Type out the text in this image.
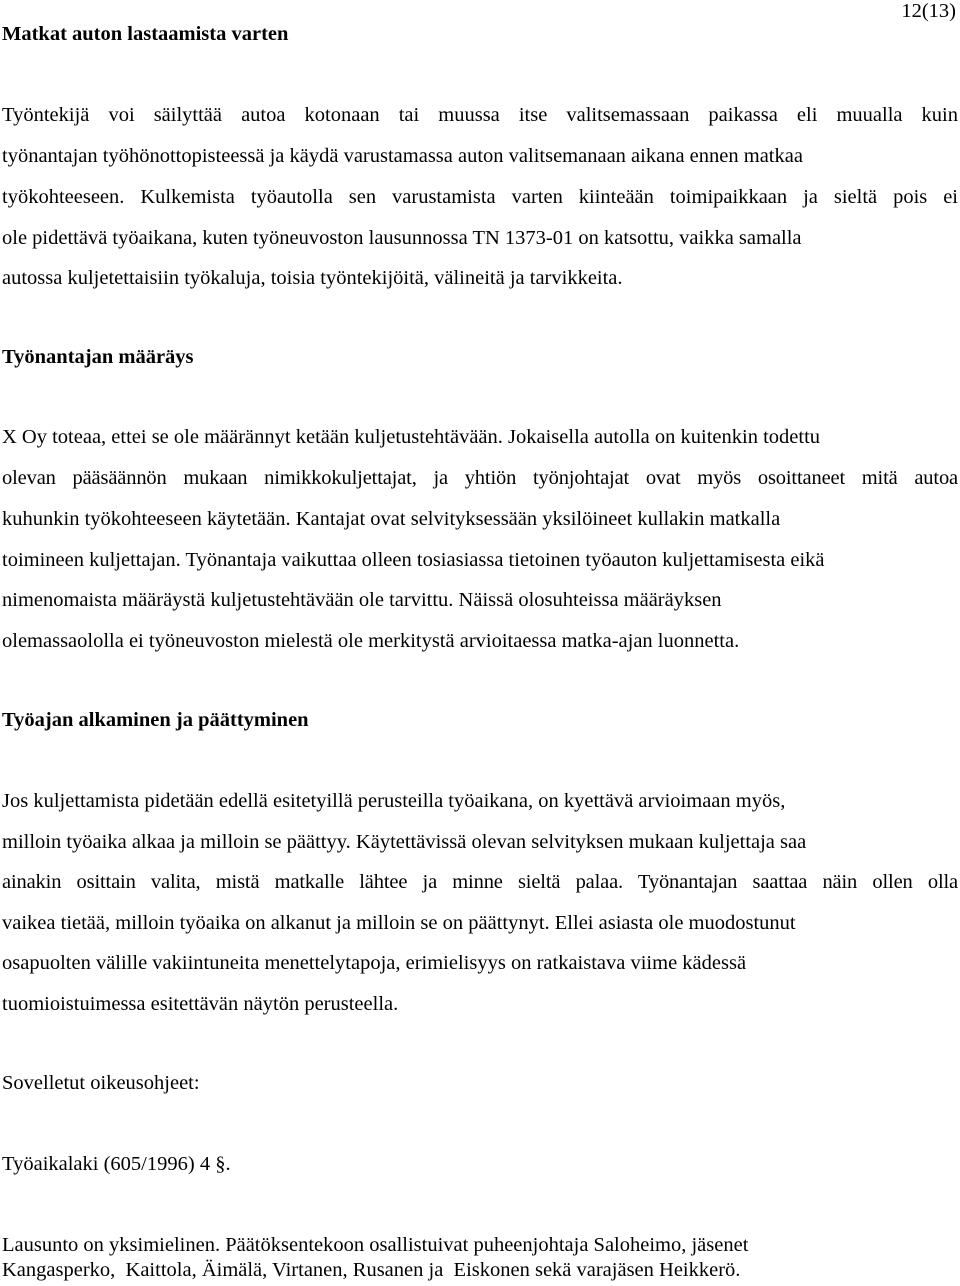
12(13)
Matkat auton lastaamista varten
Työntekijä voi säilyttää autoa kotonaan tai muussa itse valitsemassaan paikassa eli muualla kuin
työnantajan työhönottopisteessä ja käydä varustamassa auton valitsemanaan aikana ennen matkaa
työkohteeseen. Kulkemista työautolla sen varustamista varten kiinteään toimipaikkaan ja sieltä pois ei
ole pidettävä työaikana, kuten työneuvoston lausunnossa TN 1373-01 on katsottu, vaikka samalla
autossa kuljetettaisiin työkaluja, toisia työntekijöitä, välineitä ja tarvikkeita.
Työnantajan määräys
X Oy toteaa, ettei se ole määrännyt ketään kuljetustehtävään. Jokaisella autolla on kuitenkin todettu
olevan pääsäännön mukaan nimikkokuljettajat, ja yhtiön työnjohtajat ovat myös osoittaneet mitä autoa
kuhunkin työkohteeseen käytetään. Kantajat ovat selvityksessään yksilöineet kullakin matkalla
toimineen kuljettajan. Työnantaja vaikuttaa olleen tosiasiassa tietoinen työauton kuljettamisesta eikä
nimenomaista määräystä kuljetustehtävään ole tarvittu. Näissä olosuhteissa määräyksen
olemassaololla ei työneuvoston mielestä ole merkitystä arvioitaessa matka-ajan luonnetta.
Työajan alkaminen ja päättyminen
Jos kuljettamista pidetään edellä esitetyillä perusteilla työaikana, on kyettävä arvioimaan myös,
milloin työaika alkaa ja milloin se päättyy. Käytettävissä olevan selvityksen mukaan kuljettaja saa
ainakin osittain valita, mistä matkalle lähtee ja minne sieltä palaa. Työnantajan saattaa näin ollen olla
vaikea tietää, milloin työaika on alkanut ja milloin se on päättynyt. Ellei asiasta ole muodostunut
osapuolten välille vakiintuneita menettelytapoja, erimielisyys on ratkaistava viime kädessä
tuomioistuimessa esitettävän näytön perusteella.
Sovelletut oikeusohjeet:
Työaikalaki (605/1996) 4 §.
Lausunto on yksimielinen. Päätöksentekoon osallistuivat puheenjohtaja Saloheimo, jäsenet
Kangasperko,  Kaittola, Äimälä, Virtanen, Rusanen ja  Eiskonen sekä varajäsen Heikkerö.
